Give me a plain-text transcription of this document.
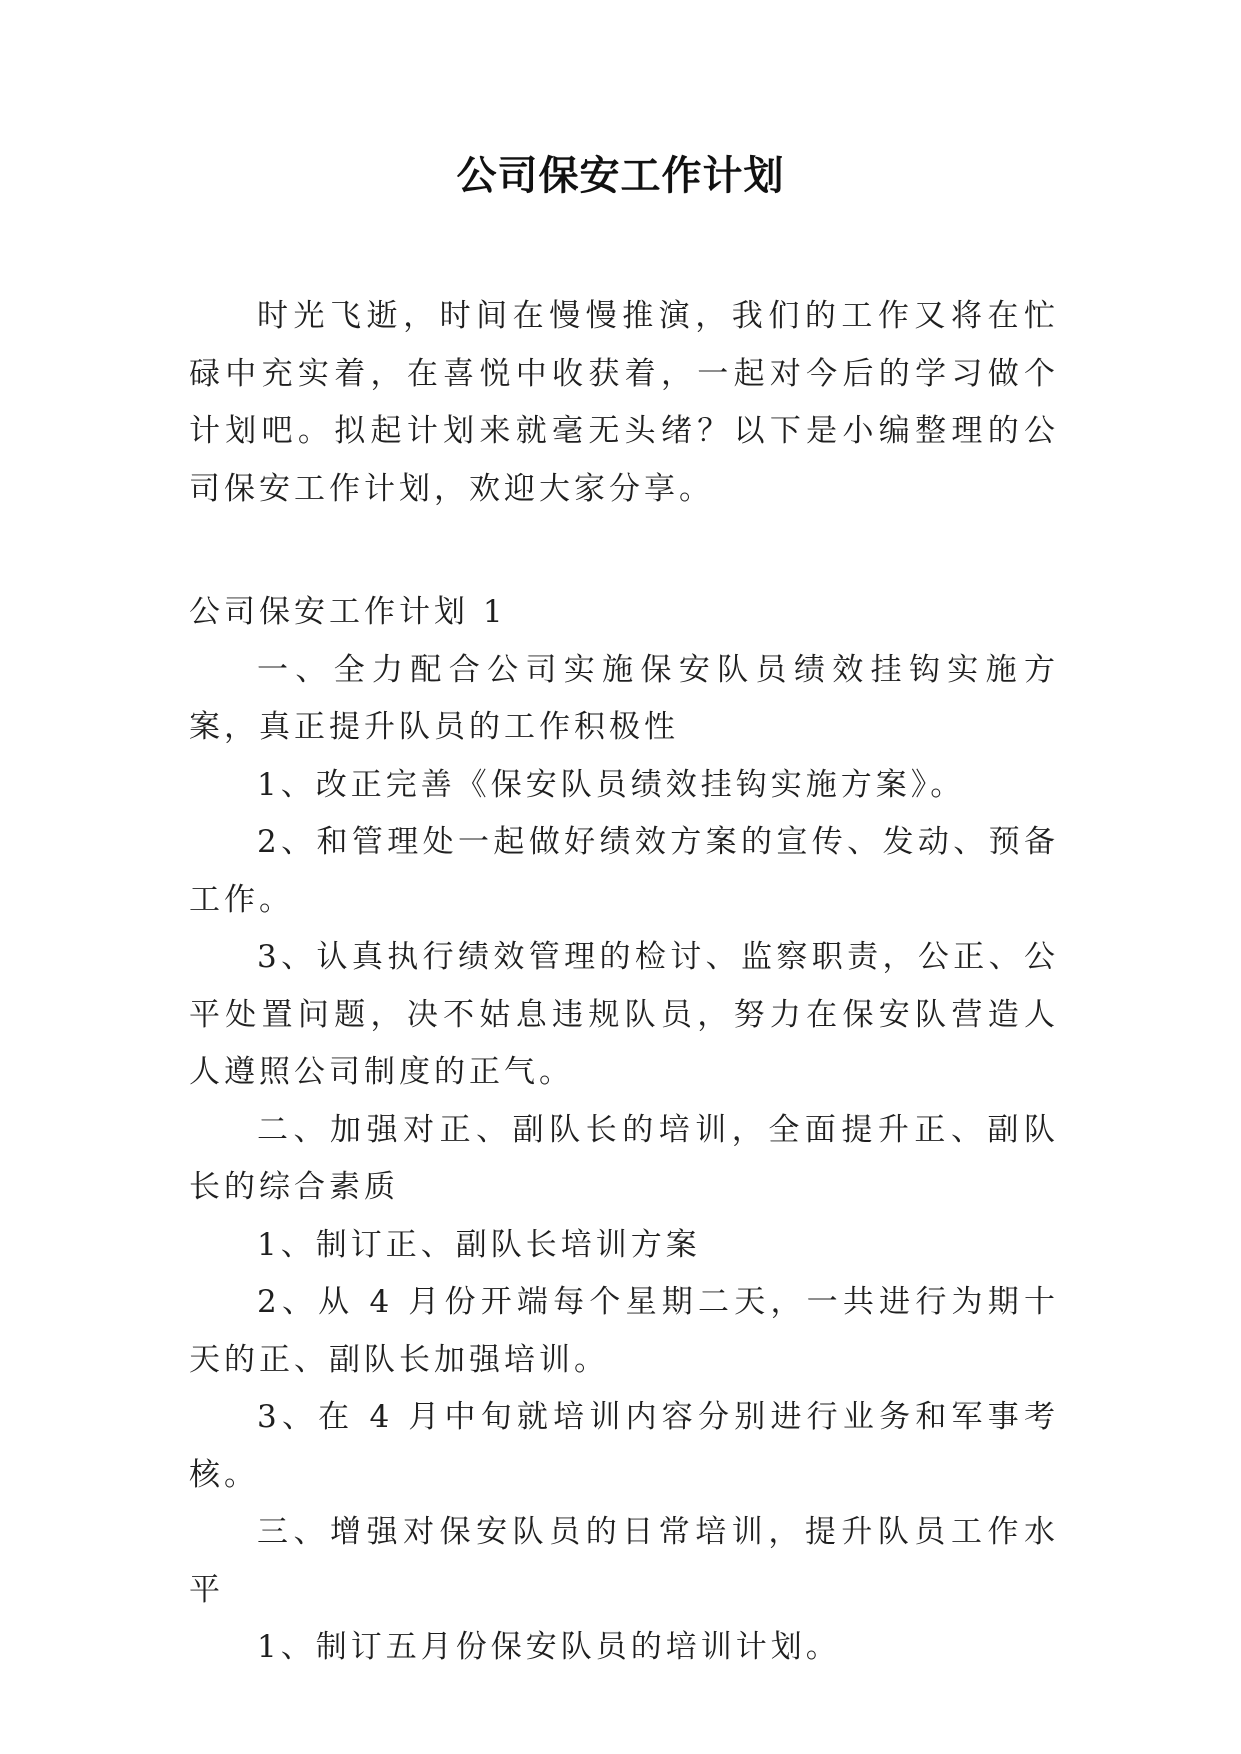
公司保安工作计划

时光飞逝，时间在慢慢推演，我们的工作又将在忙碌中充实着，在喜悦中收获着，一起对今后的学习做个计划吧。拟起计划来就毫无头绪？以下是小编整理的公司保安工作计划，欢迎大家分享。

公司保安工作计划 1

一、全力配合公司实施保安队员绩效挂钩实施方案，真正提升队员的工作积极性

1、改正完善《保安队员绩效挂钩实施方案》。

2、和管理处一起做好绩效方案的宣传、发动、预备工作。

3、认真执行绩效管理的检讨、监察职责，公正、公平处置问题，决不姑息违规队员，努力在保安队营造人人遵照公司制度的正气。

二、加强对正、副队长的培训，全面提升正、副队长的综合素质

1、制订正、副队长培训方案

2、从 4 月份开端每个星期二天，一共进行为期十天的正、副队长加强培训。

3、在 4 月中旬就培训内容分别进行业务和军事考核。

三、增强对保安队员的日常培训，提升队员工作水平

1、制订五月份保安队员的培训计划。
